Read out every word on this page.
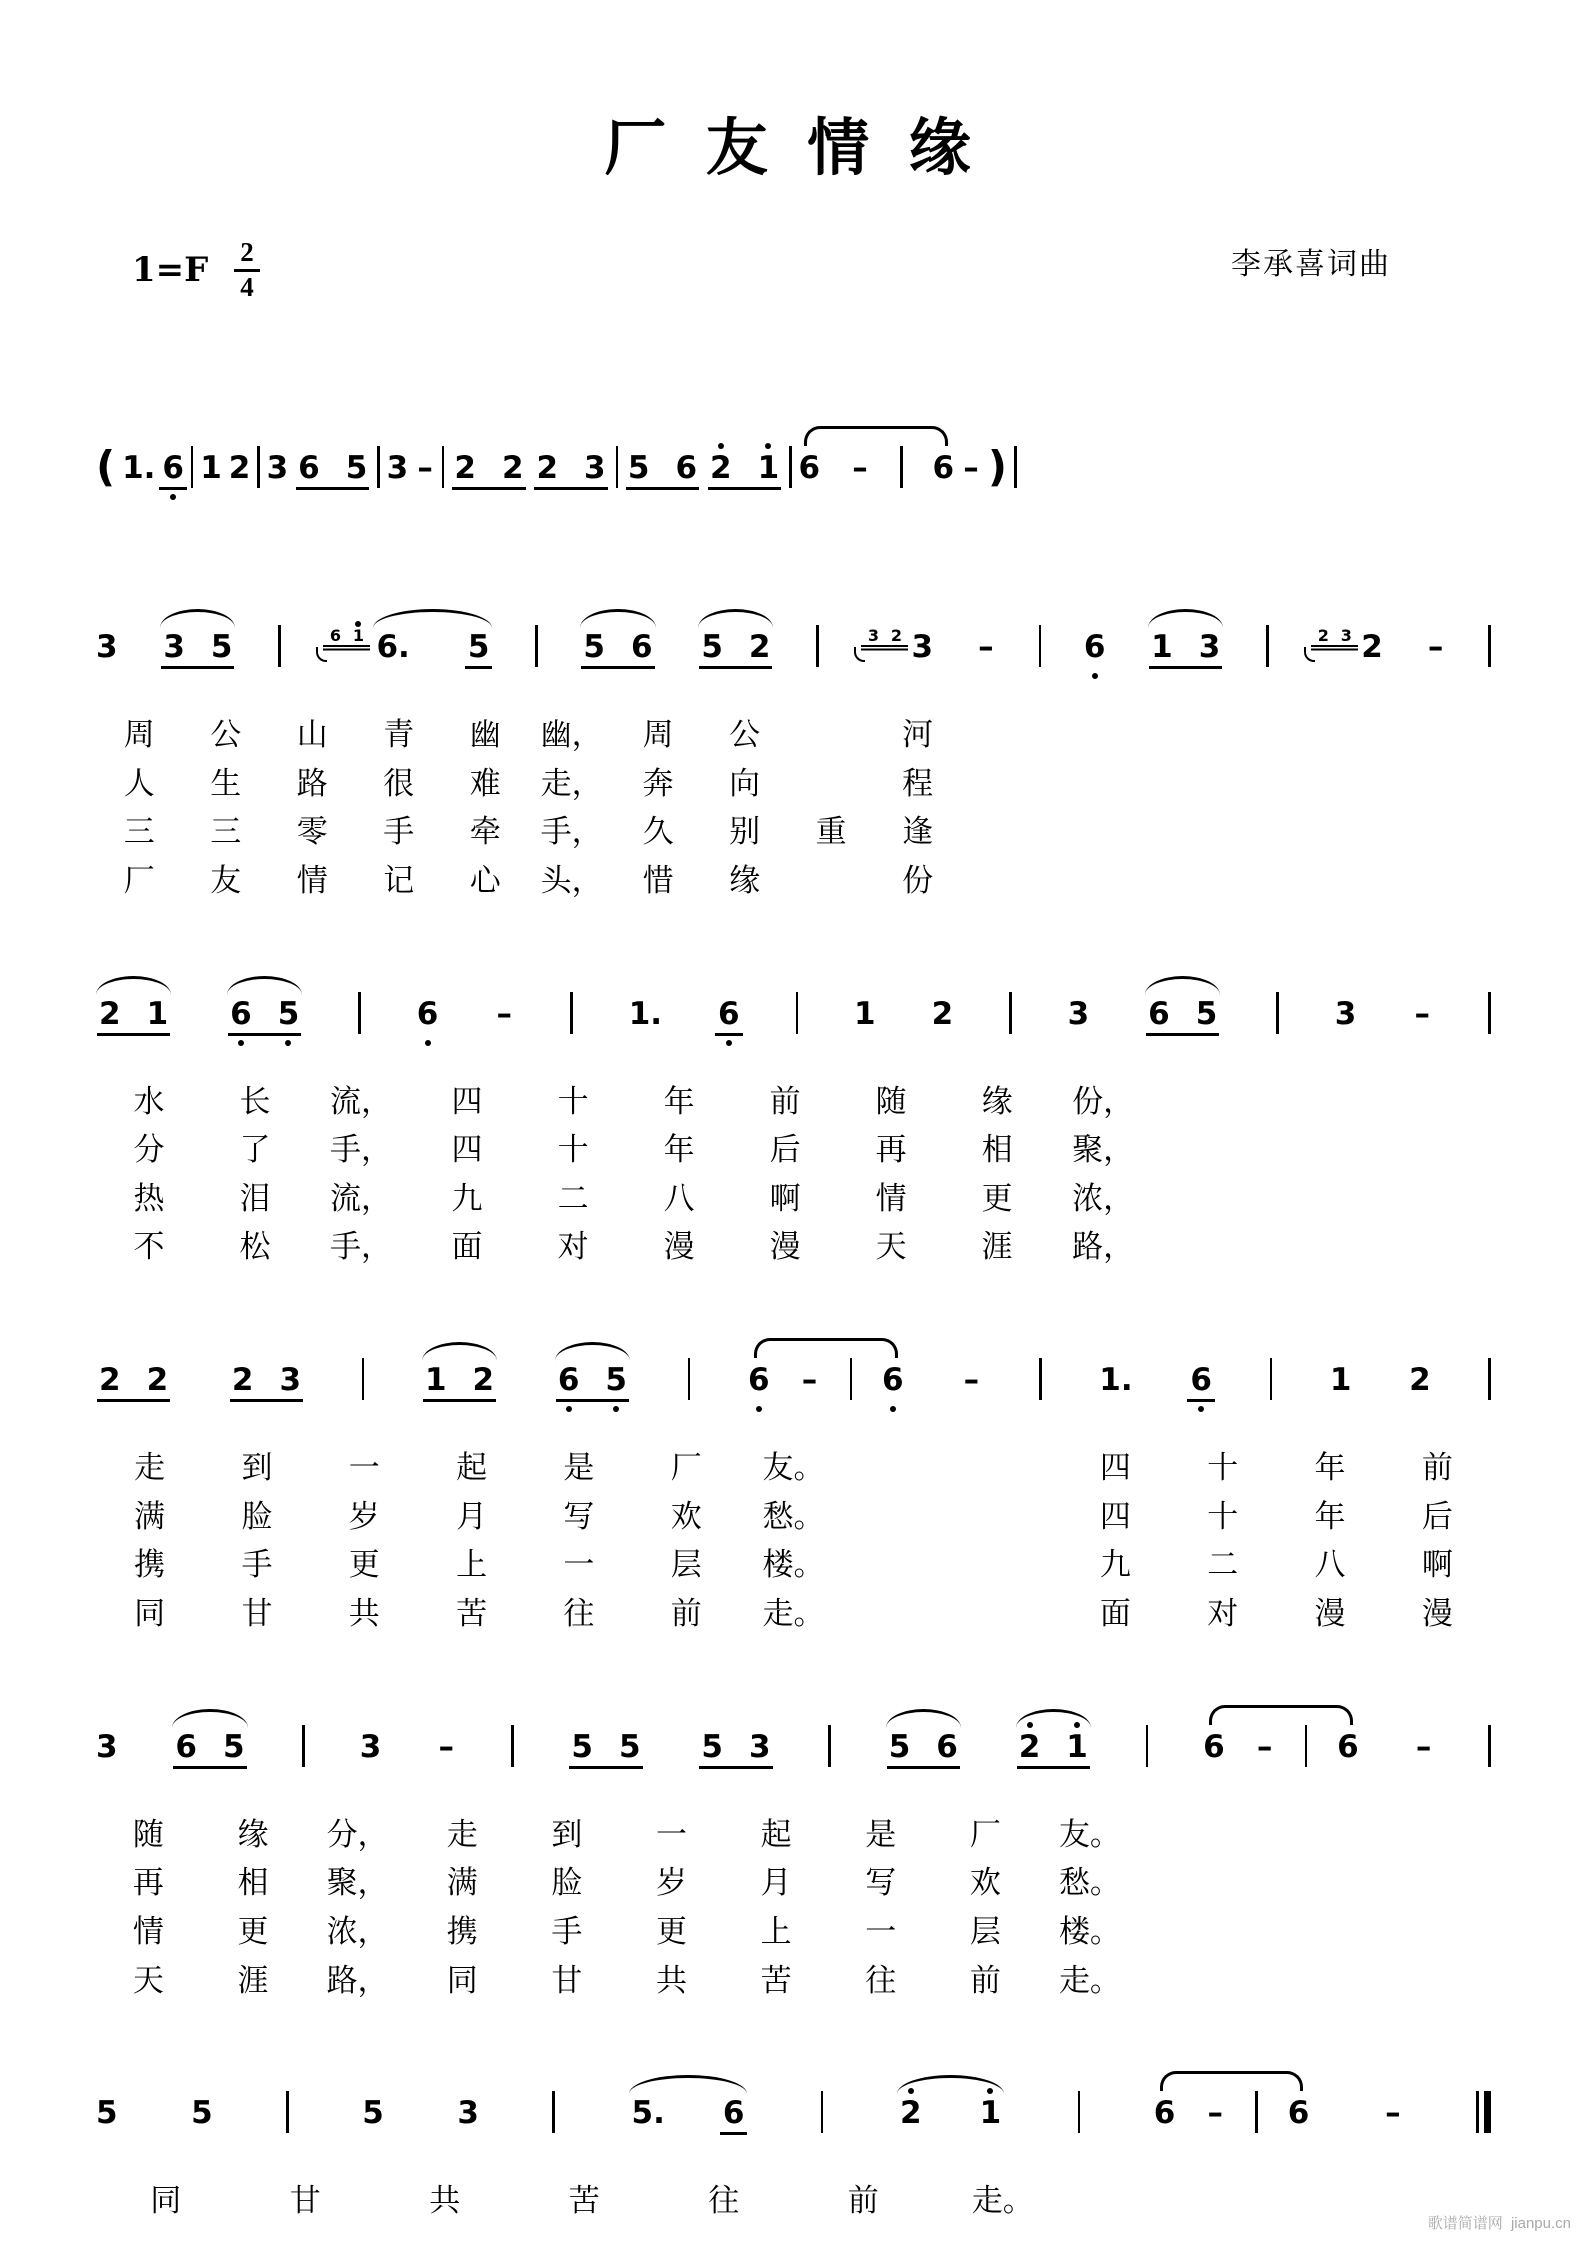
厂 友 情 缘
$1=F \frac{2}{4}$	李承喜词曲
( 1. 6 1 2 3 6 5 3 – 2 2 2 3 5 6 2 1 6 – 6 – )
3 3 5	6 1 6. 5	5 6 5 2	3 2 3 –	6 1 3	2 3 2 –
周	公	山	青	幽	幽，	周	公	河
人	生	路	很	难	走，	奔	向	程
三	三	零	手	牵	手，	久	别	重	逢
厂	友	情	记	心	头，	惜	缘	份
2 1 6 5	6 –	1. 6	1 2	3 6 5	3 –
水	长	流，	四	十	年	前	随	缘	份，
分	了	手，	四	十	年	后	再	相	聚，
热	泪	流，	九	二	八	啊	情	更	浓，
不	松	手，	面	对	漫	漫	天	涯	路，
2 2 2 3	1 2 6 5	6 – 6 –	1. 6	1 2
走	到	一	起	是	厂	友。	四	十	年	前
满	脸	岁	月	写	欢	愁。	四	十	年	后
携	手	更	上	一	层	楼。	九	二	八	啊
同	甘	共	苦	往	前	走。	面	对	漫	漫
3 6 5	3 –	5 5 5 3	5 6 2 1	6 – 6 –
随	缘	分，	走	到	一	起	是	厂	友。
再	相	聚，	满	脸	岁	月	写	欢	愁。
情	更	浓，	携	手	更	上	一	层	楼。
天	涯	路，	同	甘	共	苦	往	前	走。
5 5	5 3	5. 6	2 1	6 – 6 –
同	甘	共	苦	往	前	走。
歌谱简谱网 jianpu.cn
